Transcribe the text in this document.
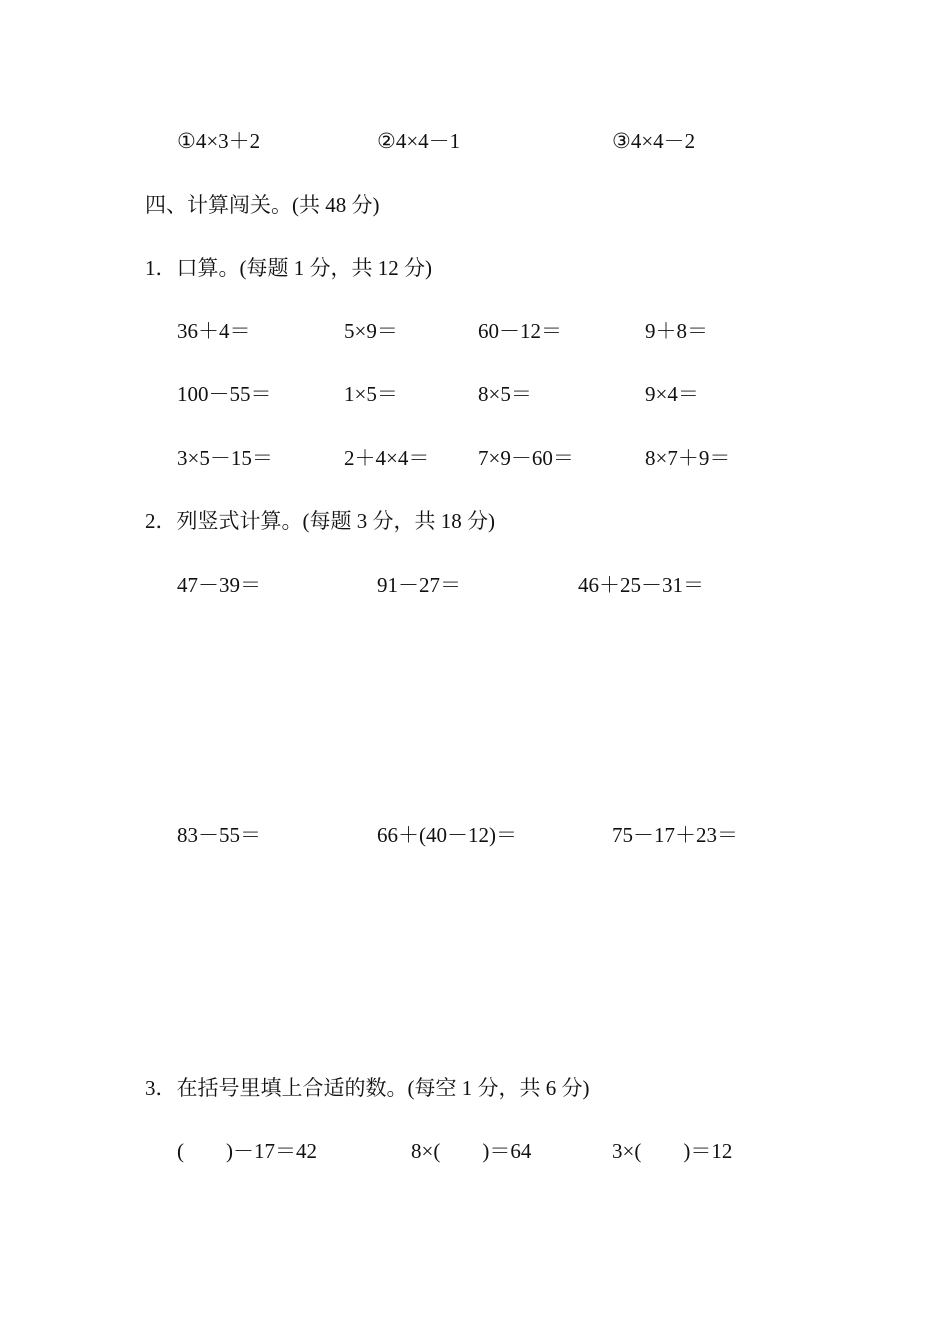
①4×3＋2	②4×4－1	③4×4－2
四、计算闯关。(共 48 分)
1．口算。(每题 1 分，共 12 分)
36＋4＝	5×9＝	60－12＝	9＋8＝
100－55＝	1×5＝	8×5＝	9×4＝
3×5－15＝	2＋4×4＝ 7×9－60＝	8×7＋9＝
2．列竖式计算。(每题 3 分，共 18 分)
47－39＝	91－27＝	46＋25－31＝
83－55＝	66＋(40－12)＝	75－17＋23＝
3．在括号里填上合适的数。(每空 1 分，共 6 分)
(　　)－17＝42	8×(　　)＝64	3×(　　)＝12
